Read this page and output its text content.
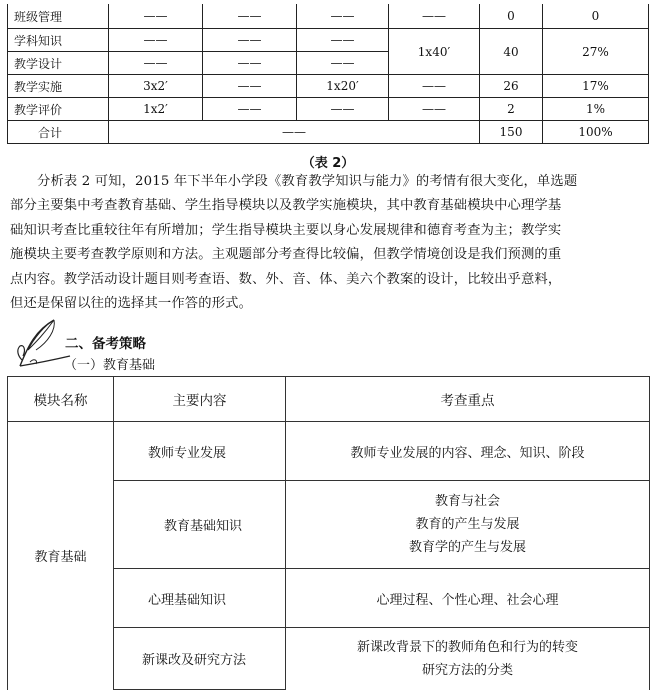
班级管理	——	——	——	——	0	0
学科知识	——	——	——	1x40′	40	27%
教学设计	——	——	——			
教学实施	3x2′	——	1x20′	——	26	17%
教学评价	1x2′	——	——	——	2	1%
合计	——				150	100%
（表 2）
分析表 2 可知，2015 年下半年小学段《教育教学知识与能力》的考情有很大变化，单选题
部分主要集中考查教育基础、学生指导模块以及教学实施模块，其中教育基础模块中心理学基
础知识考查比重较往年有所增加；学生指导模块主要以身心发展规律和德育考查为主；教学实
施模块主要考查教学原则和方法。主观题部分考查得比较偏，但教学情境创设是我们预测的重
点内容。教学活动设计题目则考查语、数、外、音、体、美六个教案的设计，比较出乎意料，
但还是保留以往的选择其一作答的形式。
二、备考策略
（一）教育基础
模块名称	主要内容	考查重点
教育基础	教师专业发展	教师专业发展的内容、理念、知识、阶段
	教育基础知识	教育与社会
教育的产生与发展
教育学的产生与发展

	心理基础知识	心理过程、个性心理、社会心理
	新课改及研究方法	新课改背景下的教师角色和行为的转变
研究方法的分类
